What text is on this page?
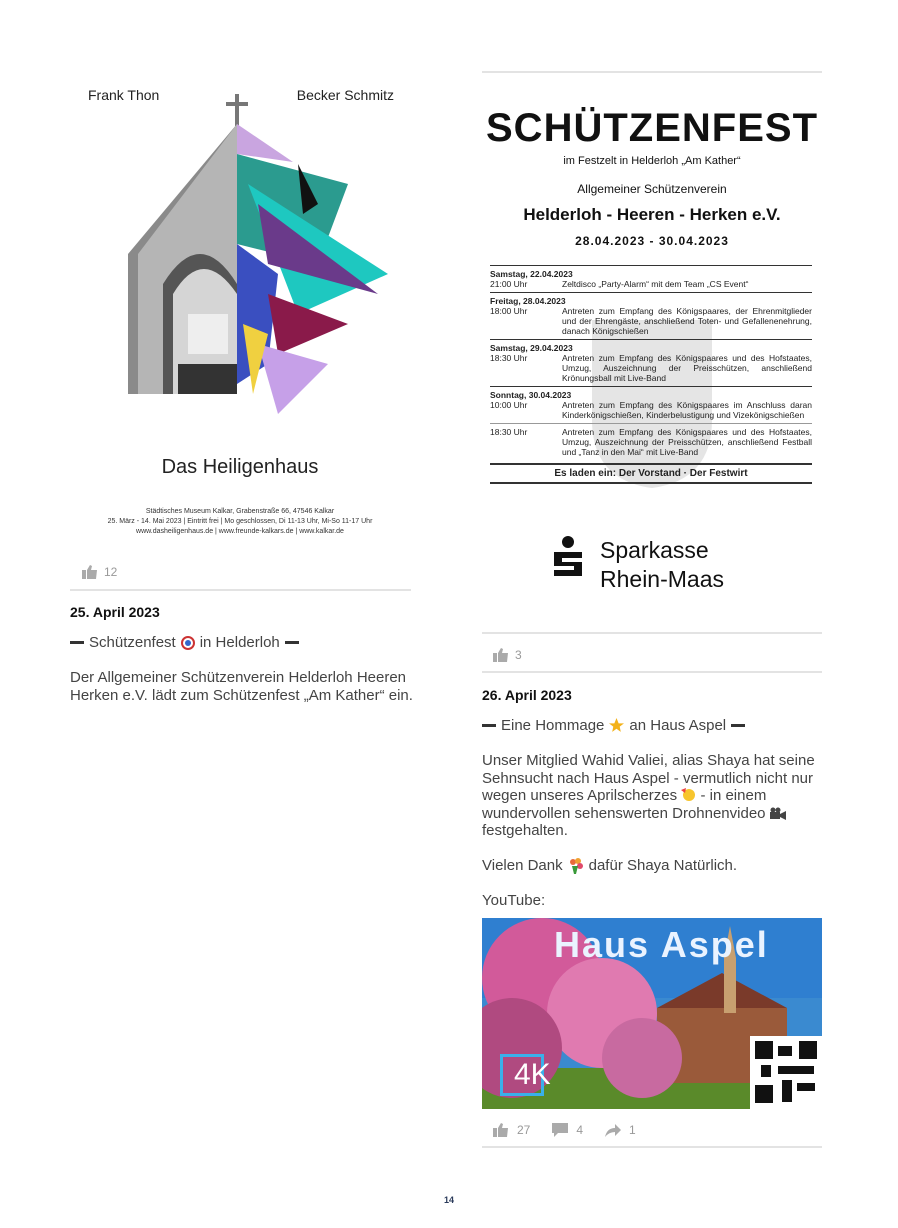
Frank Thon	Becker Schmitz
Das Heiligenhaus
Städtisches Museum Kalkar, Grabenstraße 66, 47546 Kalkar
25. März - 14. Mai 2023 | Eintritt frei | Mo geschlossen, Di 11-13 Uhr, Mi-So 11-17 Uhr
www.dasheiligenhaus.de | www.freunde-kalkars.de | www.kalkar.de
12
25. April 2023
Schützenfest in Helderloh
Der Allgemeiner Schützenverein Helderloh Heeren Herken e.V. lädt zum Schützenfest „Am Kather“ ein.
SCHÜTZENFEST
im Festzelt in Helderloh „Am Kather“
Allgemeiner Schützenverein
Helderloh - Heeren - Herken e.V.
28.04.2023 - 30.04.2023
Samstag, 22.04.2023
21:00 Uhr	Zeltdisco „Party-Alarm“ mit dem Team „CS Event“
Freitag, 28.04.2023
18:00 Uhr	Antreten zum Empfang des Königspaares, der Ehrenmitglieder und der Ehrengäste, anschließend Toten- und Gefallenenehrung, danach Königschießen
Samstag, 29.04.2023
18:30 Uhr	Antreten zum Empfang des Königspaares und des Hofstaates, Umzug, Auszeichnung der Preisschützen, anschließend Krönungsball mit Live-Band
Sonntag, 30.04.2023
10:00 Uhr	Antreten zum Empfang des Königspaares im Anschluss daran Kinderkönigschießen, Kinderbelustigung und Vizekönigschießen
18:30 Uhr	Antreten zum Empfang des Königspaares und des Hofstaates, Umzug, Auszeichnung der Preisschützen, anschließend Festball und „Tanz in den Mai“ mit Live-Band
Es laden ein: Der Vorstand · Der Festwirt
Sparkasse
Rhein-Maas
3
26. April 2023
Eine Hommage an Haus Aspel
Unser Mitglied Wahid Valiei, alias Shaya hat seine Sehnsucht nach Haus Aspel - vermutlich nicht nur wegen unseres Aprilscherzes - in einem wundervollen sehenswerten Drohnenvideo  festgehalten.
Vielen Dank dafür Shaya Natürlich.
YouTube:
Haus Aspel
4K
27	4	1
14
